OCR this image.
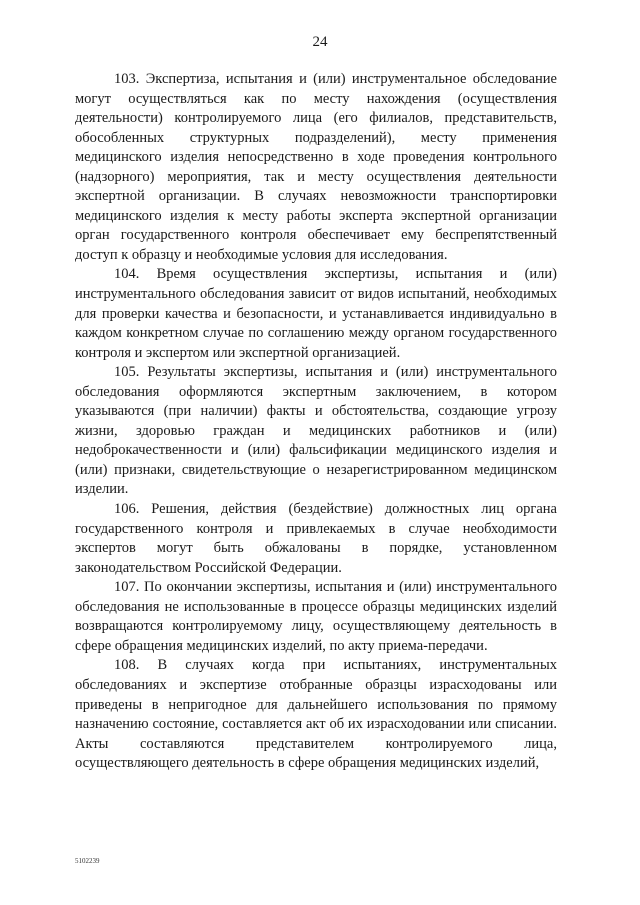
24

103. Экспертиза, испытания и (или) инструментальное обследование могут осуществляться как по месту нахождения (осуществления деятельности) контролируемого лица (его филиалов, представительств, обособленных структурных подразделений), месту применения медицинского изделия непосредственно в ходе проведения контрольного (надзорного) мероприятия, так и месту осуществления деятельности экспертной организации. В случаях невозможности транспортировки медицинского изделия к месту работы эксперта экспертной организации орган государственного контроля обеспечивает ему беспрепятственный доступ к образцу и необходимые условия для исследования.

104. Время осуществления экспертизы, испытания и (или) инструментального обследования зависит от видов испытаний, необходимых для проверки качества и безопасности, и устанавливается индивидуально в каждом конкретном случае по соглашению между органом государственного контроля и экспертом или экспертной организацией.

105. Результаты экспертизы, испытания и (или) инструментального обследования оформляются экспертным заключением, в котором указываются (при наличии) факты и обстоятельства, создающие угрозу жизни, здоровью граждан и медицинских работников и (или) недоброкачественности и (или) фальсификации медицинского изделия и (или) признаки, свидетельствующие о незарегистрированном медицинском изделии.

106. Решения, действия (бездействие) должностных лиц органа государственного контроля и привлекаемых в случае необходимости экспертов могут быть обжалованы в порядке, установленном законодательством Российской Федерации.

107. По окончании экспертизы, испытания и (или) инструментального обследования не использованные в процессе образцы медицинских изделий возвращаются контролируемому лицу, осуществляющему деятельность в сфере обращения медицинских изделий, по акту приема-передачи.

108. В случаях когда при испытаниях, инструментальных обследованиях и экспертизе отобранные образцы израсходованы или приведены в непригодное для дальнейшего использования по прямому назначению состояние, составляется акт об их израсходовании или списании. Акты составляются представителем контролируемого лица, осуществляющего деятельность в сфере обращения медицинских изделий,

5102239
